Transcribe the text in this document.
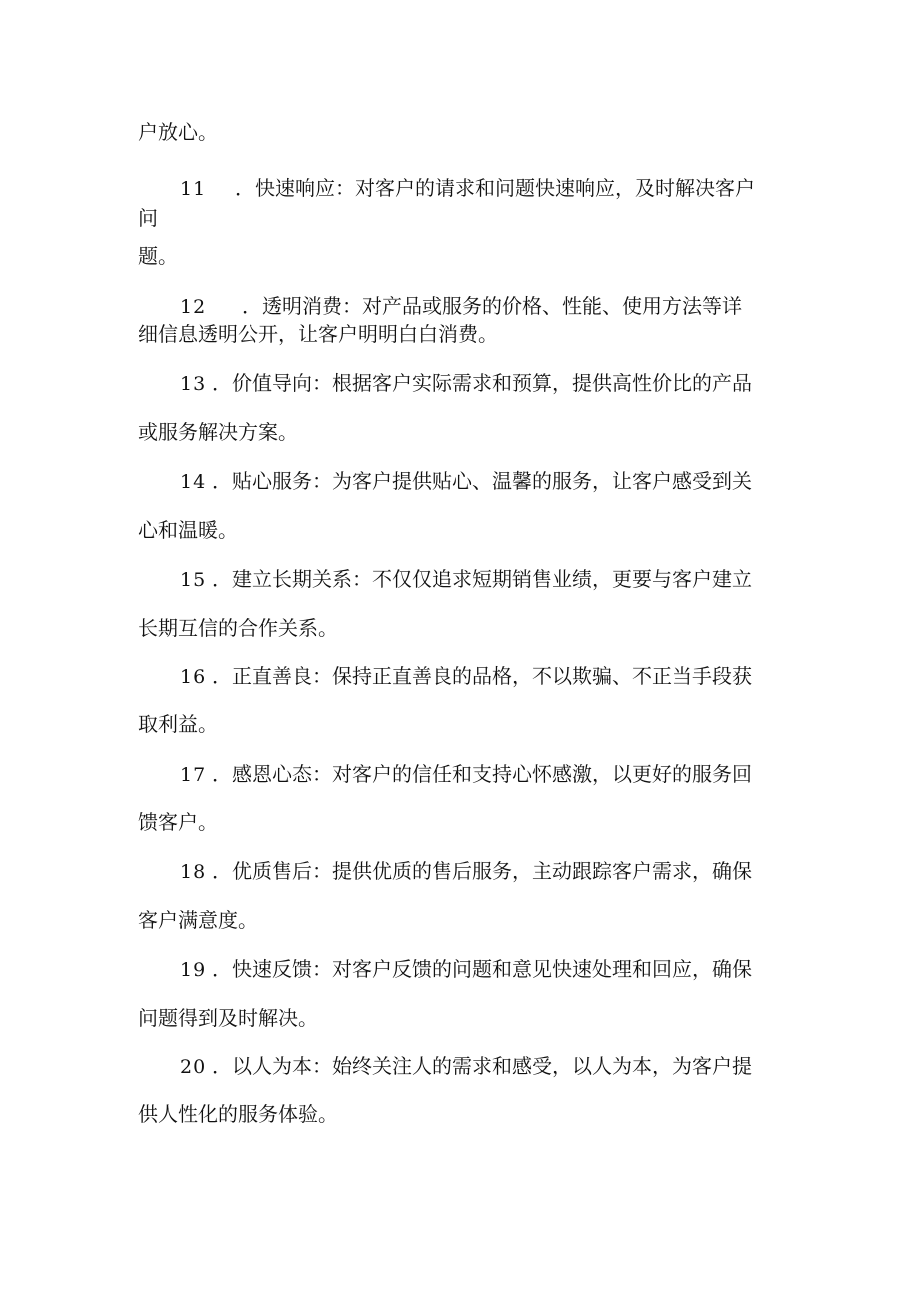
户放心。
11 ．快速响应：对客户的请求和问题快速响应，及时解决客户
问
题。
12 ．透明消费：对产品或服务的价格、性能、使用方法等详
细信息透明公开，让客户明明白白消费。
13 ．价值导向：根据客户实际需求和预算，提供高性价比的产品
或服务解决方案。
14 ．贴心服务：为客户提供贴心、温馨的服务，让客户感受到关
心和温暖。
15 ．建立长期关系：不仅仅追求短期销售业绩，更要与客户建立
长期互信的合作关系。
16 ．正直善良：保持正直善良的品格，不以欺骗、不正当手段获
取利益。
17 ．感恩心态：对客户的信任和支持心怀感激，以更好的服务回
馈客户。
18 ．优质售后：提供优质的售后服务，主动跟踪客户需求，确保
客户满意度。
19 ．快速反馈：对客户反馈的问题和意见快速处理和回应，确保
问题得到及时解决。
20 ．以人为本：始终关注人的需求和感受，以人为本，为客户提
供人性化的服务体验。
